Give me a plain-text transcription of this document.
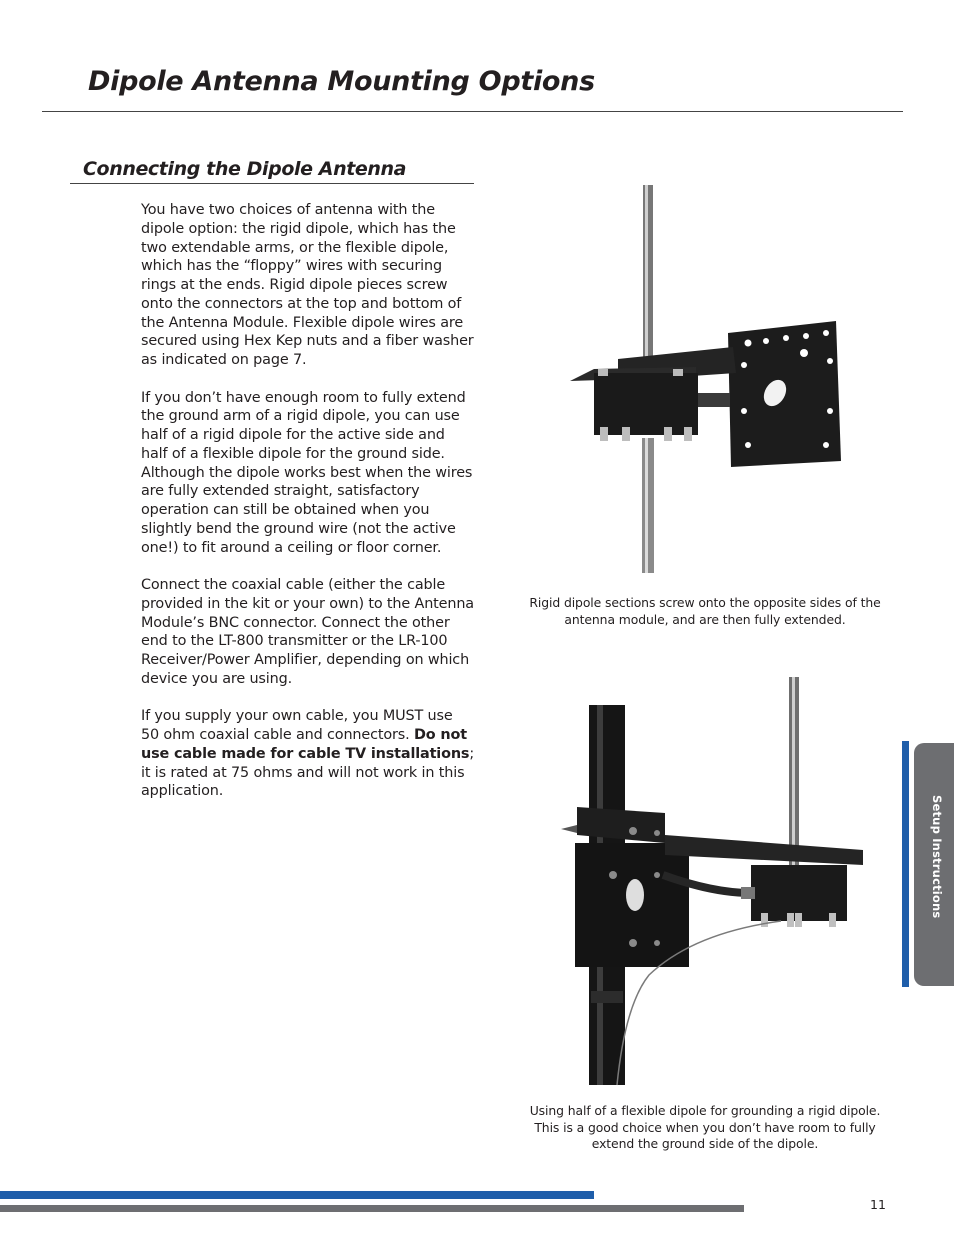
Dipole Antenna Mounting Options
Connecting the Dipole Antenna

You have two choices of antenna with the dipole option: the rigid dipole, which has the two extendable arms, or the flexible dipole, which has the “floppy” wires with securing rings at the ends. Rigid dipole pieces screw onto the connectors at the top and bottom of the Antenna Module. Flexible dipole wires are secured using Hex Kep nuts and a fiber washer as indicated on page 7.

If you don’t have enough room to fully extend the ground arm of a rigid dipole, you can use half of a rigid dipole for the active side and half of a flexible dipole for the ground side. Although the dipole works best when the wires are fully extended straight, satisfactory operation can still be obtained when you slightly bend the ground wire (not the active one!) to fit around a ceiling or floor corner.

Connect the coaxial cable (either the cable provided in the kit or your own) to the Antenna Module’s BNC connector. Connect the other end to the LT-800 transmitter or the LR-100 Receiver/Power Amplifier, depending on which device you are using.

If you supply your own cable, you MUST use 50 ohm coaxial cable and connectors. Do not use cable made for cable TV installations; it is rated at 75 ohms and will not work in this application.

Rigid dipole sections screw onto the opposite sides of the antenna module, and are then fully extended.
Using half of a flexible dipole for grounding a rigid dipole. This is a good choice when you don’t have room to fully extend the ground side of the dipole.
Setup Instructions
11
